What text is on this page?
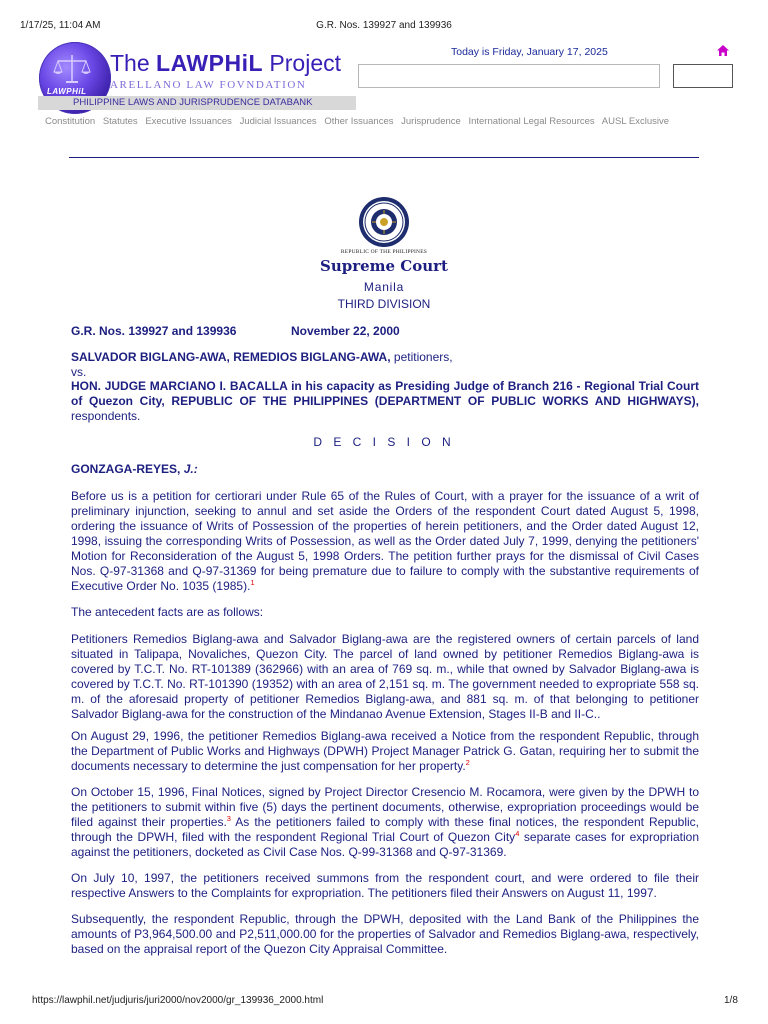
1/17/25, 11:04 AM	G.R. Nos. 139927 and 139936
LAWPHiL
The LAWPHiL Project
ARELLANO LAW FOVNDATION
PHILIPPINE LAWS AND JURISPRUDENCE DATABANK
Today is Friday, January 17, 2025
Constitution Statutes Executive Issuances Judicial Issuances Other Issuances Jurisprudence International Legal Resources AUSL Exclusive
REPUBLIC OF THE PHILIPPINES
Supreme Court
Manila
THIRD DIVISION
G.R. Nos. 139927 and 139936	November 22, 2000
SALVADOR BIGLANG-AWA, REMEDIOS BIGLANG-AWA, petitioners,
vs.
HON. JUDGE MARCIANO I. BACALLA in his capacity as Presiding Judge of Branch 216 - Regional Trial Court of Quezon City, REPUBLIC OF THE PHILIPPINES (DEPARTMENT OF PUBLIC WORKS AND HIGHWAYS), respondents.
D E C I S I O N
GONZAGA-REYES, J.:
Before us is a petition for certiorari under Rule 65 of the Rules of Court, with a prayer for the issuance of a writ of preliminary injunction, seeking to annul and set aside the Orders of the respondent Court dated August 5, 1998, ordering the issuance of Writs of Possession of the properties of herein petitioners, and the Order dated August 12, 1998, issuing the corresponding Writs of Possession, as well as the Order dated July 7, 1999, denying the petitioners' Motion for Reconsideration of the August 5, 1998 Orders. The petition further prays for the dismissal of Civil Cases Nos. Q-97-31368 and Q-97-31369 for being premature due to failure to comply with the substantive requirements of Executive Order No. 1035 (1985).$^1$
The antecedent facts are as follows:
Petitioners Remedios Biglang-awa and Salvador Biglang-awa are the registered owners of certain parcels of land situated in Talipapa, Novaliches, Quezon City. The parcel of land owned by petitioner Remedios Biglang-awa is covered by T.C.T. No. RT-101389 (362966) with an area of 769 sq. m., while that owned by Salvador Biglang-awa is covered by T.C.T. No. RT-101390 (19352) with an area of 2,151 sq. m. The government needed to expropriate 558 sq. m. of the aforesaid property of petitioner Remedios Biglang-awa, and 881 sq. m. of that belonging to petitioner Salvador Biglang-awa for the construction of the Mindanao Avenue Extension, Stages II-B and II-C..
On August 29, 1996, the petitioner Remedios Biglang-awa received a Notice from the respondent Republic, through the Department of Public Works and Highways (DPWH) Project Manager Patrick G. Gatan, requiring her to submit the documents necessary to determine the just compensation for her property.$^2$
On October 15, 1996, Final Notices, signed by Project Director Cresencio M. Rocamora, were given by the DPWH to the petitioners to submit within five (5) days the pertinent documents, otherwise, expropriation proceedings would be filed against their properties.$^3$ As the petitioners failed to comply with these final notices, the respondent Republic, through the DPWH, filed with the respondent Regional Trial Court of Quezon City$^4$ separate cases for expropriation against the petitioners, docketed as Civil Case Nos. Q-99-31368 and Q-97-31369.
On July 10, 1997, the petitioners received summons from the respondent court, and were ordered to file their respective Answers to the Complaints for expropriation. The petitioners filed their Answers on August 11, 1997.
Subsequently, the respondent Republic, through the DPWH, deposited with the Land Bank of the Philippines the amounts of P3,964,500.00 and P2,511,000.00 for the properties of Salvador and Remedios Biglang-awa, respectively, based on the appraisal report of the Quezon City Appraisal Committee.
https://lawphil.net/judjuris/juri2000/nov2000/gr_139936_2000.html	1/8
